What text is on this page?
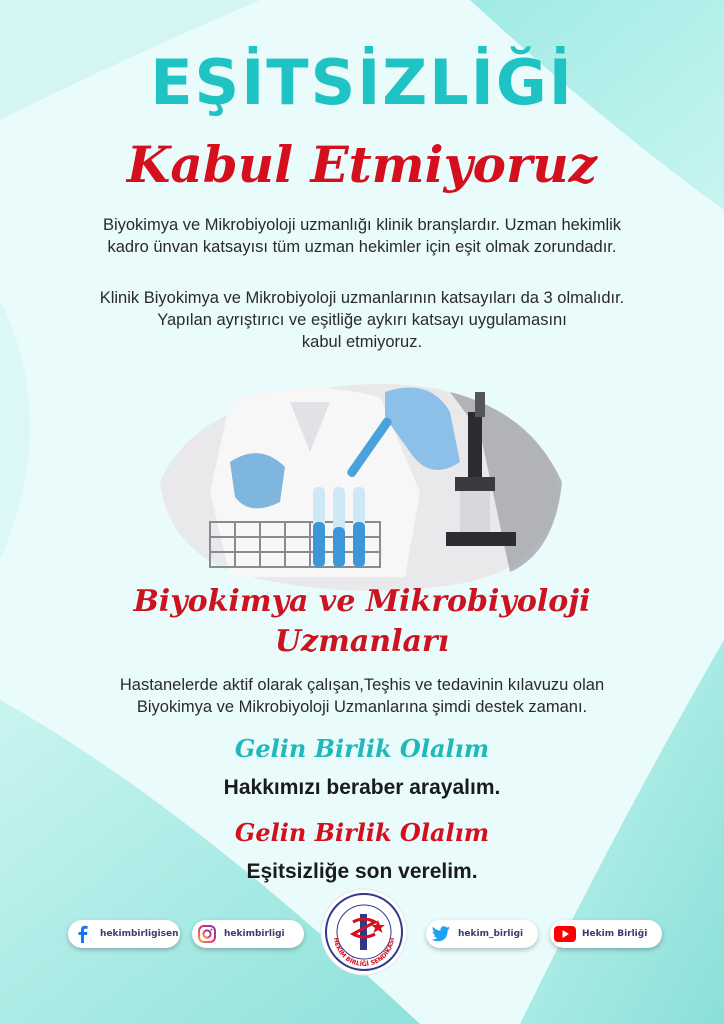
EŞİTSİZLİĞİ
Kabul Etmiyoruz
Biyokimya ve Mikrobiyoloji uzmanlığı klinik branşlardır. Uzman hekimlik
kadro ünvan katsayısı tüm uzman hekimler için eşit olmak zorundadır.
Klinik Biyokimya ve Mikrobiyoloji uzmanlarının katsayıları da 3 olmalıdır.
Yapılan ayrıştırıcı ve eşitliğe aykırı katsayı uygulamasını
kabul etmiyoruz.
Biyokimya ve Mikrobiyoloji
Uzmanları
Hastanelerde aktif olarak çalışan,Teşhis ve tedavinin kılavuzu olan
Biyokimya ve Mikrobiyoloji Uzmanlarına şimdi destek zamanı.
Gelin Birlik Olalım
Hakkımızı beraber arayalım.
Gelin Birlik Olalım
Eşitsizliğe son verelim.
hekimbirligisen	hekimbirligi
HEKİM BİRLİĞİ SENDİKASI	hekim_birligi	Hekim Birliği
